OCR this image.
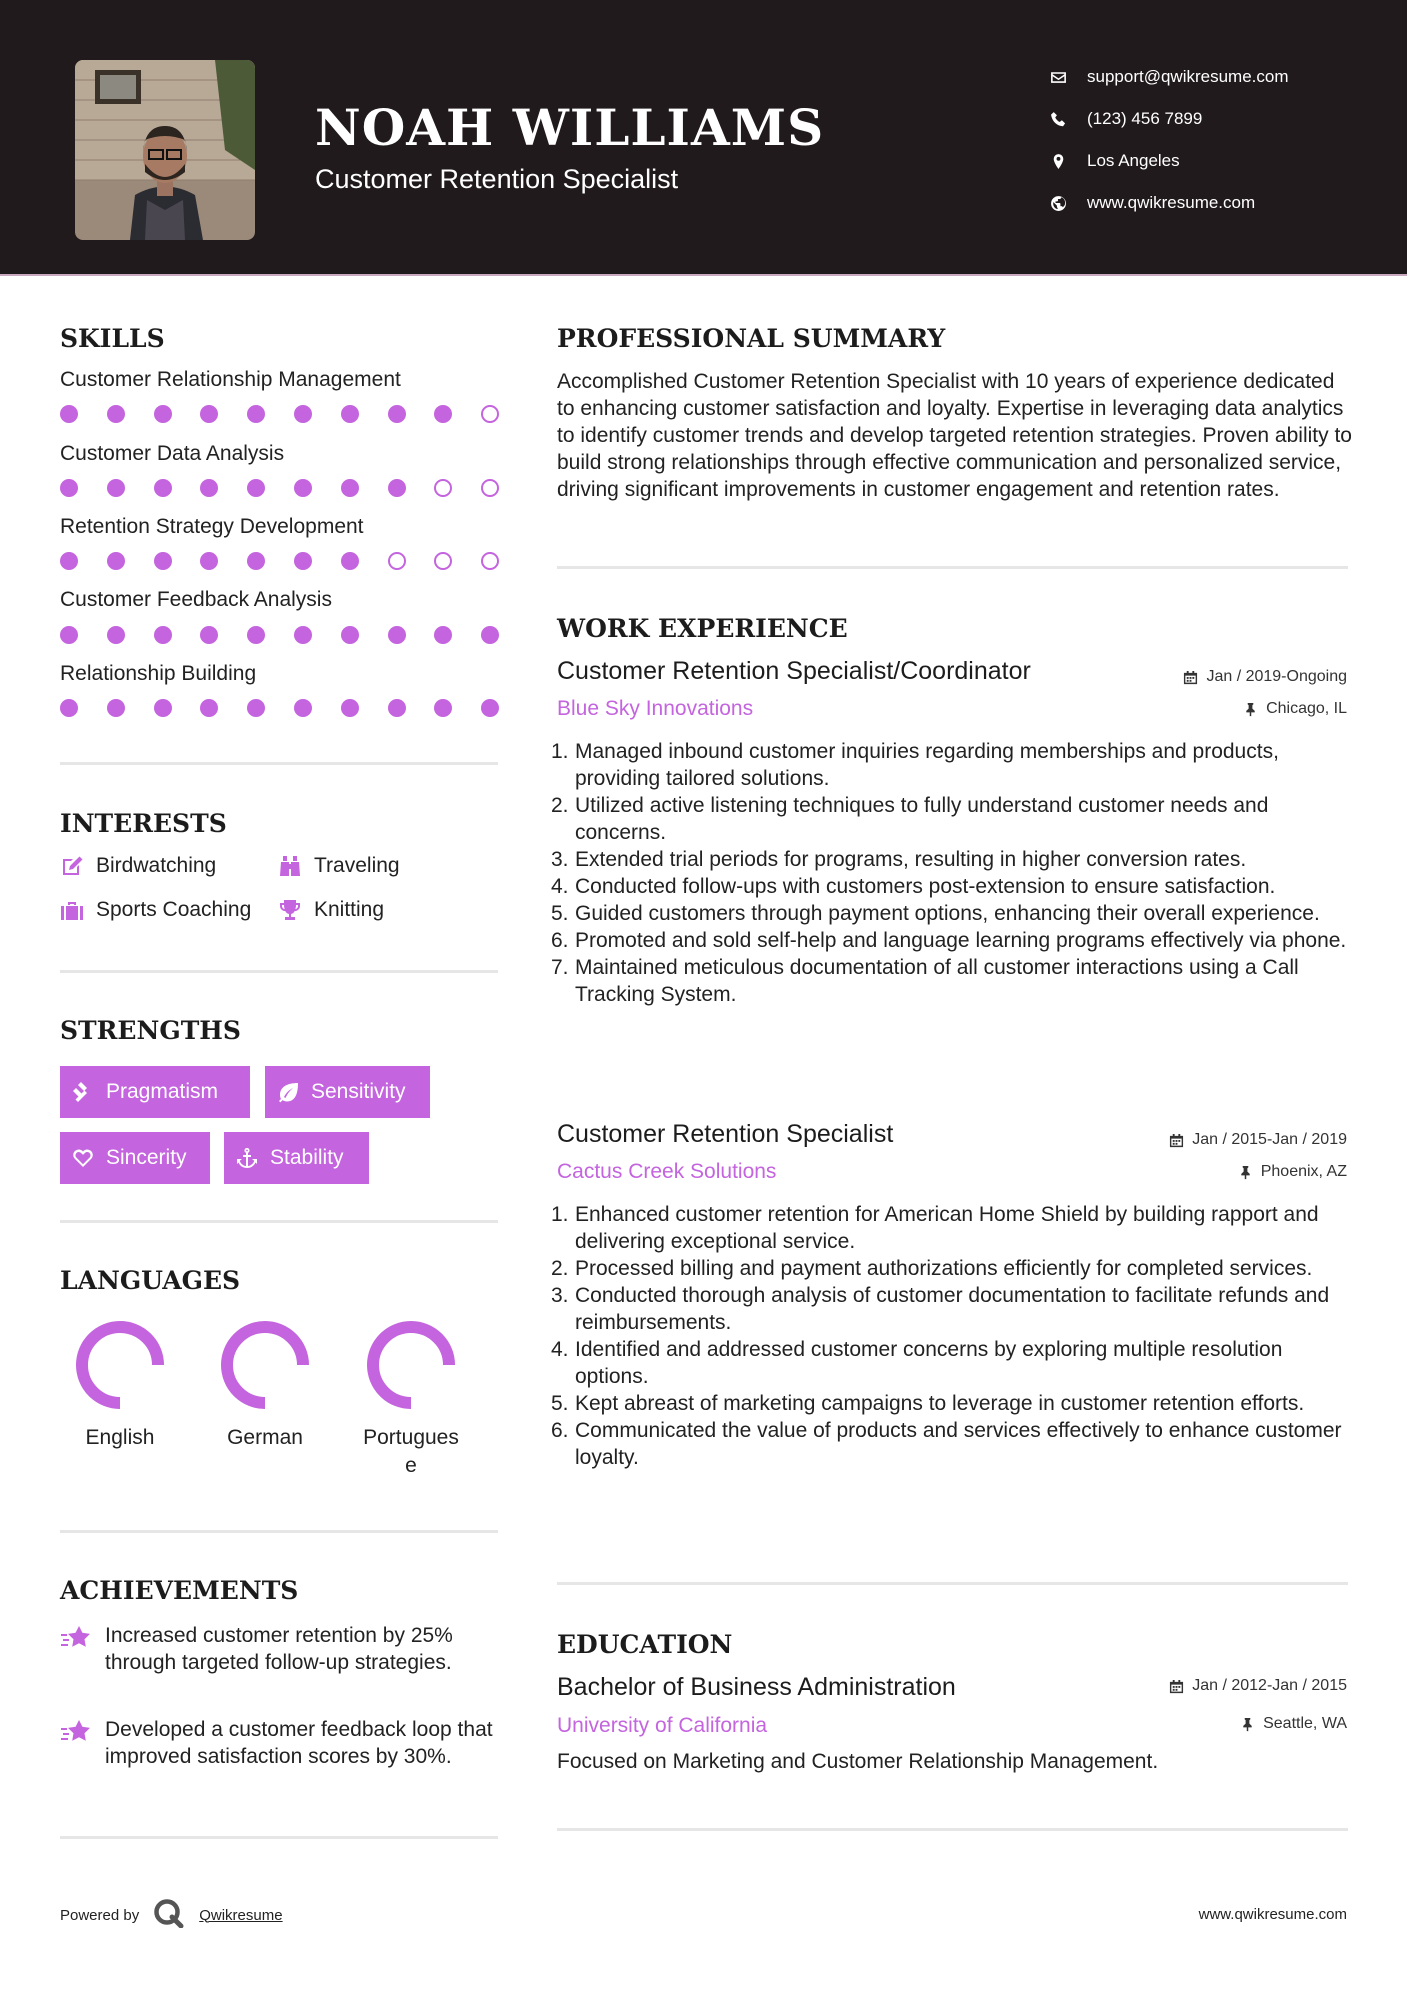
NOAH WILLIAMS
Customer Retention Specialist
support@qwikresume.com
(123) 456 7899
Los Angeles
www.qwikresume.com
SKILLS
Customer Relationship Management
Customer Data Analysis
Retention Strategy Development
Customer Feedback Analysis
Relationship Building
INTERESTS
Birdwatching	Traveling
Sports Coaching	Knitting
STRENGTHS
Pragmatism	Sensitivity
Sincerity	Stability
LANGUAGES
English	German	Portugues
e
ACHIEVEMENTS
Increased customer retention by 25% through targeted follow-up strategies.
Developed a customer feedback loop that improved satisfaction scores by 30%.
PROFESSIONAL SUMMARY
Accomplished Customer Retention Specialist with 10 years of experience dedicated to enhancing customer satisfaction and loyalty. Expertise in leveraging data analytics to identify customer trends and develop targeted retention strategies. Proven ability to build strong relationships through effective communication and personalized service, driving significant improvements in customer engagement and retention rates.
WORK EXPERIENCE
Customer Retention Specialist/Coordinator	Jan / 2019-Ongoing
Blue Sky Innovations	Chicago, IL
1. Managed inbound customer inquiries regarding memberships and products, providing tailored solutions.
2. Utilized active listening techniques to fully understand customer needs and concerns.
3. Extended trial periods for programs, resulting in higher conversion rates.
4. Conducted follow-ups with customers post-extension to ensure satisfaction.
5. Guided customers through payment options, enhancing their overall experience.
6. Promoted and sold self-help and language learning programs effectively via phone.
7. Maintained meticulous documentation of all customer interactions using a Call Tracking System.
Customer Retention Specialist	Jan / 2015-Jan / 2019
Cactus Creek Solutions	Phoenix, AZ
1. Enhanced customer retention for American Home Shield by building rapport and delivering exceptional service.
2. Processed billing and payment authorizations efficiently for completed services.
3. Conducted thorough analysis of customer documentation to facilitate refunds and reimbursements.
4. Identified and addressed customer concerns by exploring multiple resolution options.
5. Kept abreast of marketing campaigns to leverage in customer retention efforts.
6. Communicated the value of products and services effectively to enhance customer loyalty.
EDUCATION
Bachelor of Business Administration	Jan / 2012-Jan / 2015
University of California	Seattle, WA
Focused on Marketing and Customer Relationship Management.
Powered by	Qwikresume	www.qwikresume.com
